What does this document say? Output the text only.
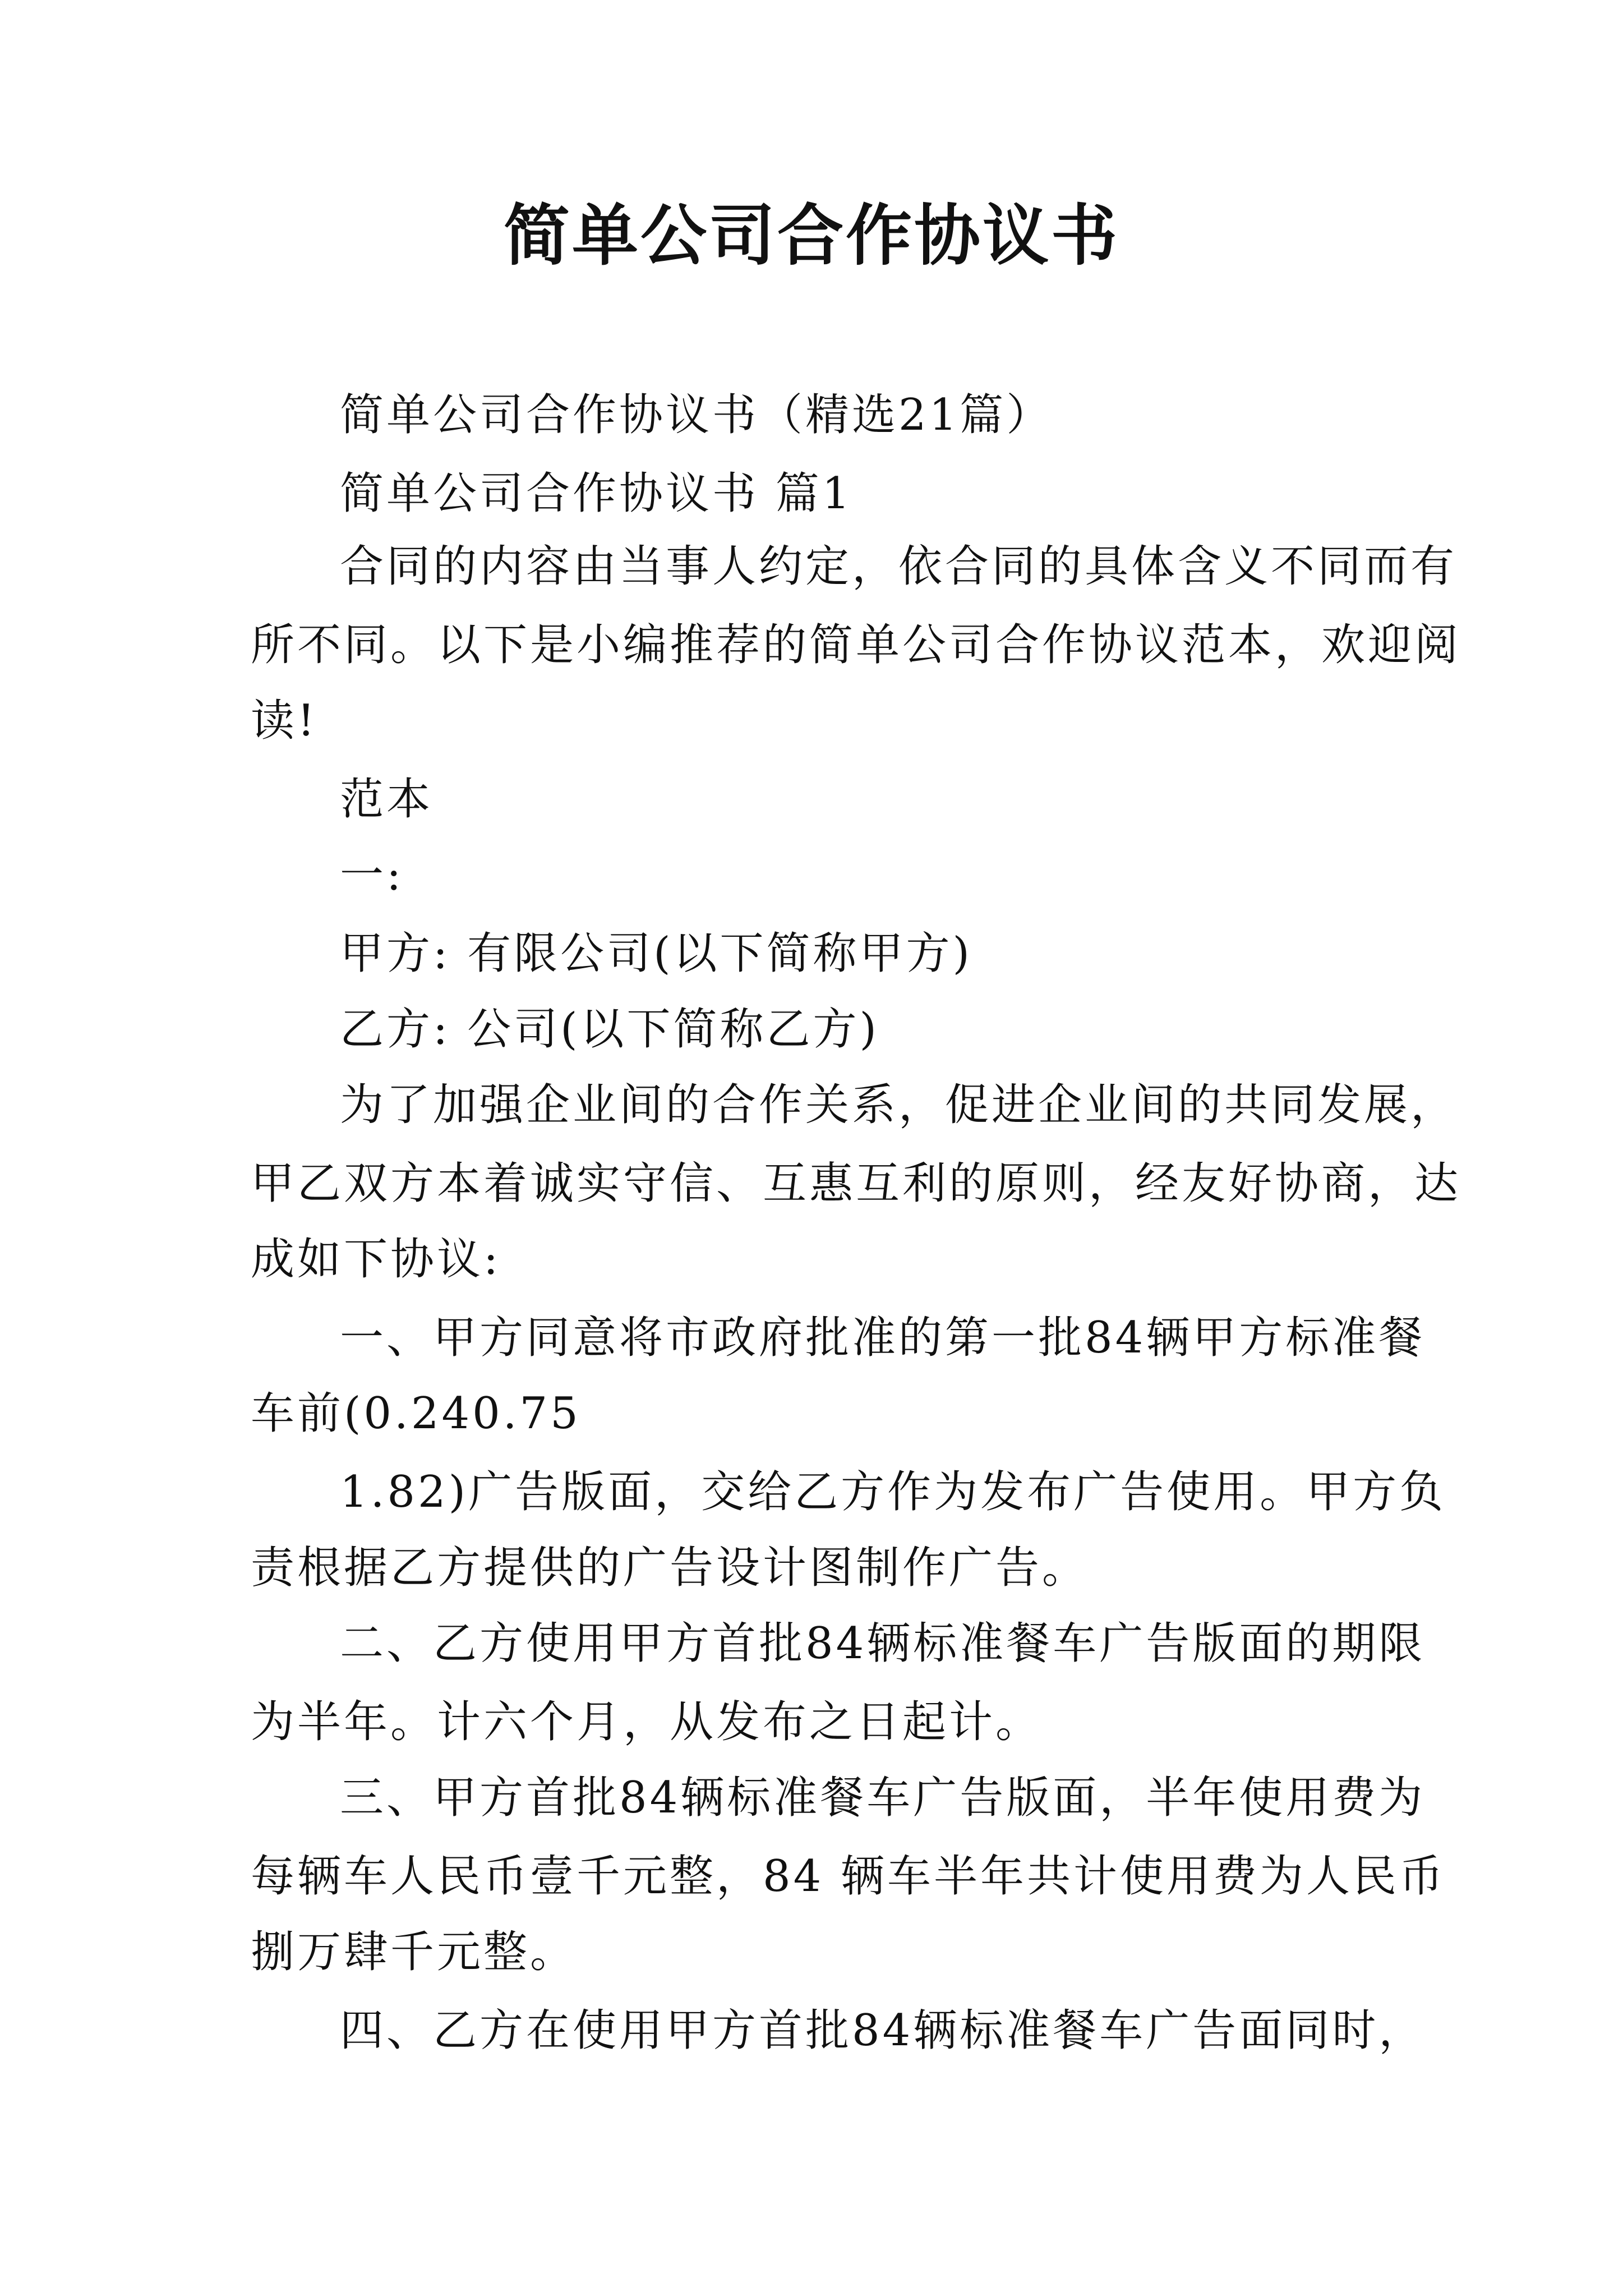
简单公司合作协议书
简单公司合作协议书（精选21篇）
简单公司合作协议书 篇1
合同的内容由当事人约定，依合同的具体含义不同而有
所不同。以下是小编推荐的简单公司合作协议范本，欢迎阅
读!
范本
一:
甲方: 有限公司(以下简称甲方)
乙方: 公司(以下简称乙方)
为了加强企业间的合作关系，促进企业间的共同发展，
甲乙双方本着诚实守信、互惠互利的原则，经友好协商，达
成如下协议:
一、甲方同意将市政府批准的第一批84辆甲方标准餐
车前(0.240.75
1.82)广告版面，交给乙方作为发布广告使用。甲方负
责根据乙方提供的广告设计图制作广告。
二、乙方使用甲方首批84辆标准餐车广告版面的期限
为半年。计六个月，从发布之日起计。
三、甲方首批84辆标准餐车广告版面，半年使用费为
每辆车人民币壹千元整，84 辆车半年共计使用费为人民币
捌万肆千元整。
四、乙方在使用甲方首批84辆标准餐车广告面同时，
